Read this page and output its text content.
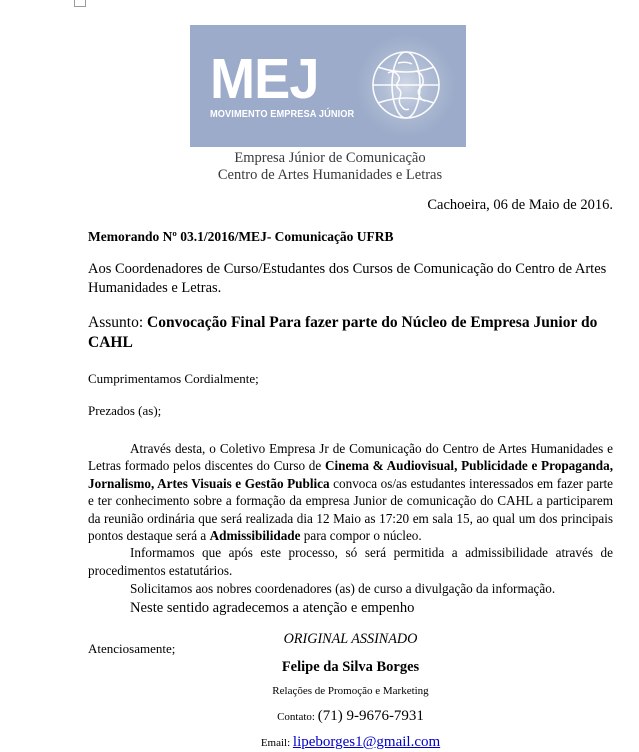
MEJ
MOVIMENTO EMPRESA JÚNIOR
Empresa Júnior de Comunicação
Centro de Artes Humanidades e Letras
Cachoeira, 06 de Maio de 2016.
Memorando Nº 03.1/2016/MEJ- Comunicação UFRB
Aos Coordenadores de Curso/Estudantes dos Cursos de Comunicação do Centro de Artes Humanidades e Letras.
Assunto: Convocação Final Para fazer parte do Núcleo de Empresa Junior do CAHL
Cumprimentamos Cordialmente;
Prezados (as);
Através desta, o Coletivo Empresa Jr de Comunicação do Centro de Artes Humanidades e Letras formado pelos discentes do Curso de Cinema & Audiovisual, Publicidade e Propaganda, Jornalismo, Artes Visuais e Gestão Publica convoca os/as estudantes interessados em fazer parte e ter conhecimento sobre a formação da empresa Junior de comunicação do CAHL a participarem da reunião ordinária que será realizada dia 12 Maio as 17:20 em sala 15, ao qual um dos principais pontos destaque será a Admissibilidade para compor o núcleo.
Informamos que após este processo, só será permitida a admissibilidade através de procedimentos estatutários.
Solicitamos aos nobres coordenadores (as) de curso a divulgação da informação.
Neste sentido agradecemos a atenção e empenho
Atenciosamente;
ORIGINAL ASSINADO
Felipe da Silva Borges
Relações de Promoção e Marketing
Contato: (71) 9-9676-7931
Email: lipeborges1@gmail.com
